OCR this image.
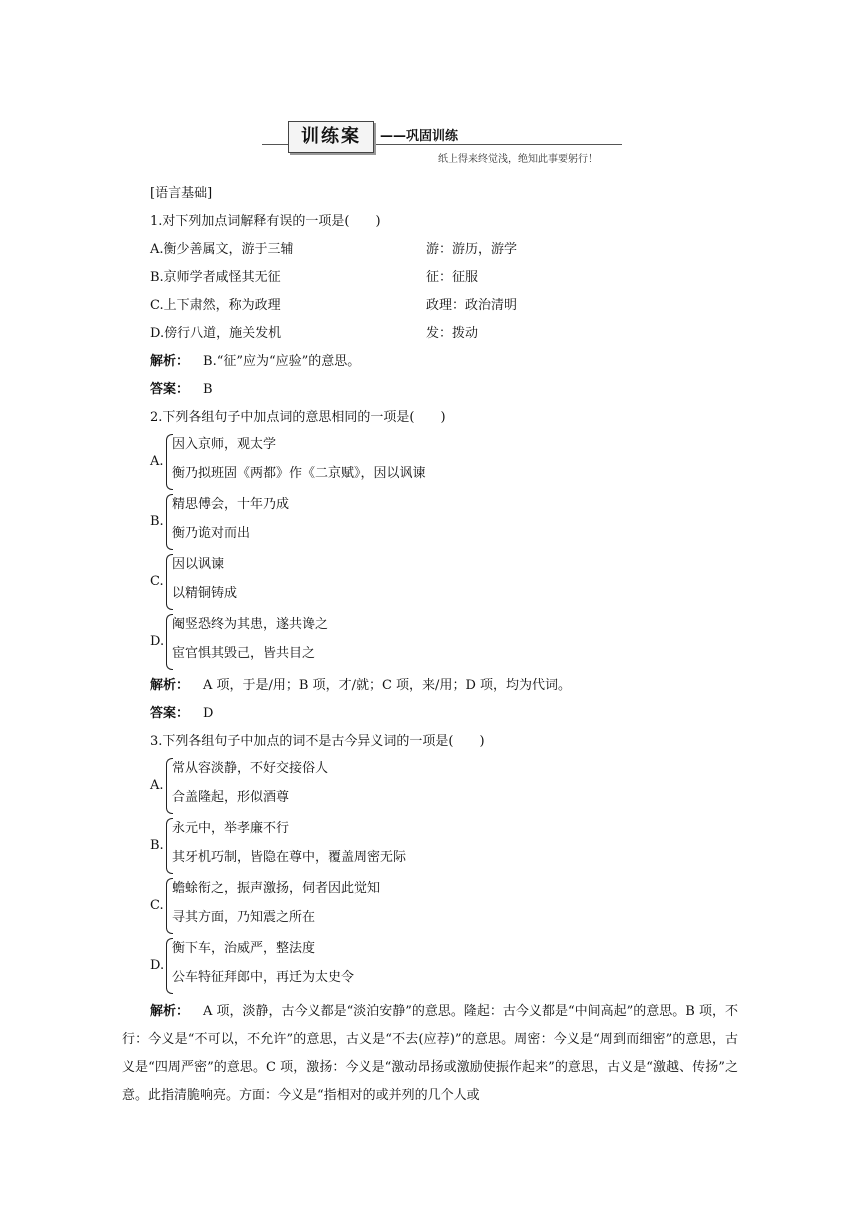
训练案	——巩固训练
纸上得来终觉浅，绝知此事要躬行！
[语言基础]
1.对下列加点词解释有误的一项是(　　)
A.衡少善属文，游于三辅	游：游历，游学
B.京师学者咸怪其无征	征：征服
C.上下肃然，称为政理	政理：政治清明
D.傍行八道，施关发机	发：拨动
解析： B.“征”应为“应验”的意思。
答案： B
2.下列各组句子中加点词的意思相同的一项是(　　)
A.
因入京师，观太学
衡乃拟班固《两都》作《二京赋》，因以讽谏
B.
精思傅会，十年乃成
衡乃诡对而出
C.
因以讽谏
以精铜铸成
D.
阉竖恐终为其患，遂共谗之
宦官惧其毁己，皆共目之
解析： A 项，于是/用；B 项，才/就；C 项，来/用；D 项，均为代词。
答案： D
3.下列各组句子中加点的词不是古今异义词的一项是(　　)
A.
常从容淡静，不好交接俗人
合盖隆起，形似酒尊
B.
永元中，举孝廉不行
其牙机巧制，皆隐在尊中，覆盖周密无际
C.
蟾蜍衔之，振声激扬，伺者因此觉知
寻其方面，乃知震之所在
D.
衡下车，治威严，整法度
公车特征拜郎中，再迁为太史令
解析： A 项，淡静，古今义都是“淡泊安静”的意思。隆起：古今义都是“中间高起”的意思。B 项，不行：今义是“不可以，不允许”的意思，古义是“不去(应荐)”的意思。周密：今义是“周到而细密”的意思，古义是“四周严密”的意思。C 项，激扬：今义是“激动昂扬或激励使振作起来”的意思，古义是“激越、传扬”之意。此指清脆响亮。方面：今义是“指相对的或并列的几个人或
